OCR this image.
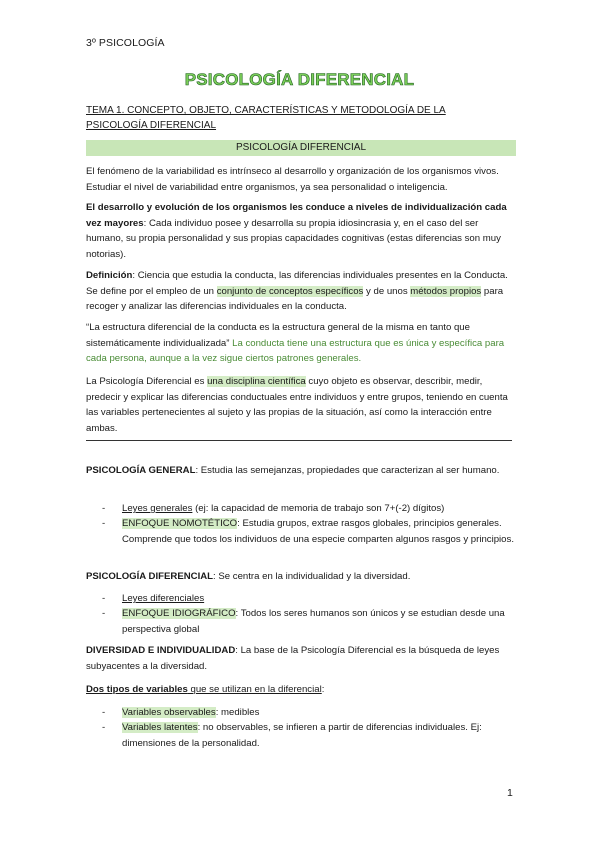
3º PSICOLOGÍA
PSICOLOGÍA DIFERENCIAL
TEMA 1. CONCEPTO, OBJETO, CARACTERÍSTICAS Y METODOLOGÍA DE LA PSICOLOGÍA DIFERENCIAL
PSICOLOGÍA DIFERENCIAL
El fenómeno de la variabilidad es intrínseco al desarrollo y organización de los organismos vivos. Estudiar el nivel de variabilidad entre organismos, ya sea personalidad o inteligencia.
El desarrollo y evolución de los organismos les conduce a niveles de individualización cada vez mayores: Cada individuo posee y desarrolla su propia idiosincrasia y, en el caso del ser humano, su propia personalidad y sus propias capacidades cognitivas (estas diferencias son muy notorias).
Definición: Ciencia que estudia la conducta, las diferencias individuales presentes en la Conducta. Se define por el empleo de un conjunto de conceptos específicos y de unos métodos propios para recoger y analizar las diferencias individuales en la conducta.
“La estructura diferencial de la conducta es la estructura general de la misma en tanto que sistemáticamente individualizada” La conducta tiene una estructura que es única y específica para cada persona, aunque a la vez sigue ciertos patrones generales.
La Psicología Diferencial es una disciplina científica cuyo objeto es observar, describir, medir, predecir y explicar las diferencias conductuales entre individuos y entre grupos, teniendo en cuenta las variables pertenecientes al sujeto y las propias de la situación, así como la interacción entre ambas.
PSICOLOGÍA GENERAL: Estudia las semejanzas, propiedades que caracterizan al ser humano.
- Leyes generales (ej: la capacidad de memoria de trabajo son 7+(-2) dígitos)
- ENFOQUE NOMOTÉTICO: Estudia grupos, extrae rasgos globales, principios generales. Comprende que todos los individuos de una especie comparten algunos rasgos y principios.
PSICOLOGÍA DIFERENCIAL: Se centra en la individualidad y la diversidad.
- Leyes diferenciales
- ENFOQUE IDIOGRÁFICO: Todos los seres humanos son únicos y se estudian desde una perspectiva global
DIVERSIDAD E INDIVIDUALIDAD: La base de la Psicología Diferencial es la búsqueda de leyes subyacentes a la diversidad.
Dos tipos de variables que se utilizan en la diferencial:
- Variables observables: medibles
- Variables latentes: no observables, se infieren a partir de diferencias individuales. Ej: dimensiones de la personalidad.
1
